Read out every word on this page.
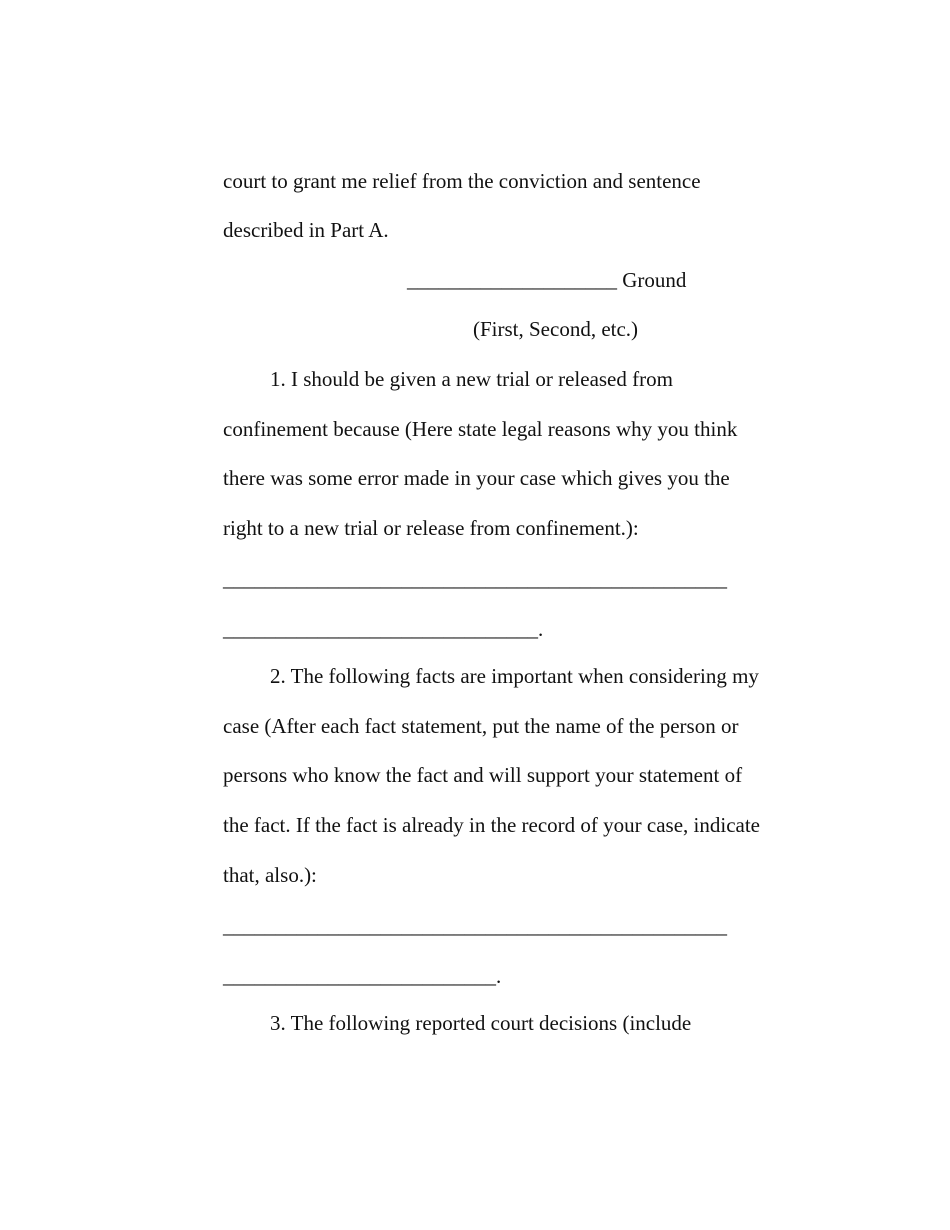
court to grant me relief from the conviction and sentence

described in Part A.

____________________ Ground

(First, Second, etc.)

1. I should be given a new trial or released from

confinement because (Here state legal reasons why you think

there was some error made in your case which gives you the

right to a new trial or release from confinement.):

________________________________________________

______________________________.

2. The following facts are important when considering my

case (After each fact statement, put the name of the person or

persons who know the fact and will support your statement of

the fact. If the fact is already in the record of your case, indicate

that, also.):

________________________________________________

__________________________.

3. The following reported court decisions (include
